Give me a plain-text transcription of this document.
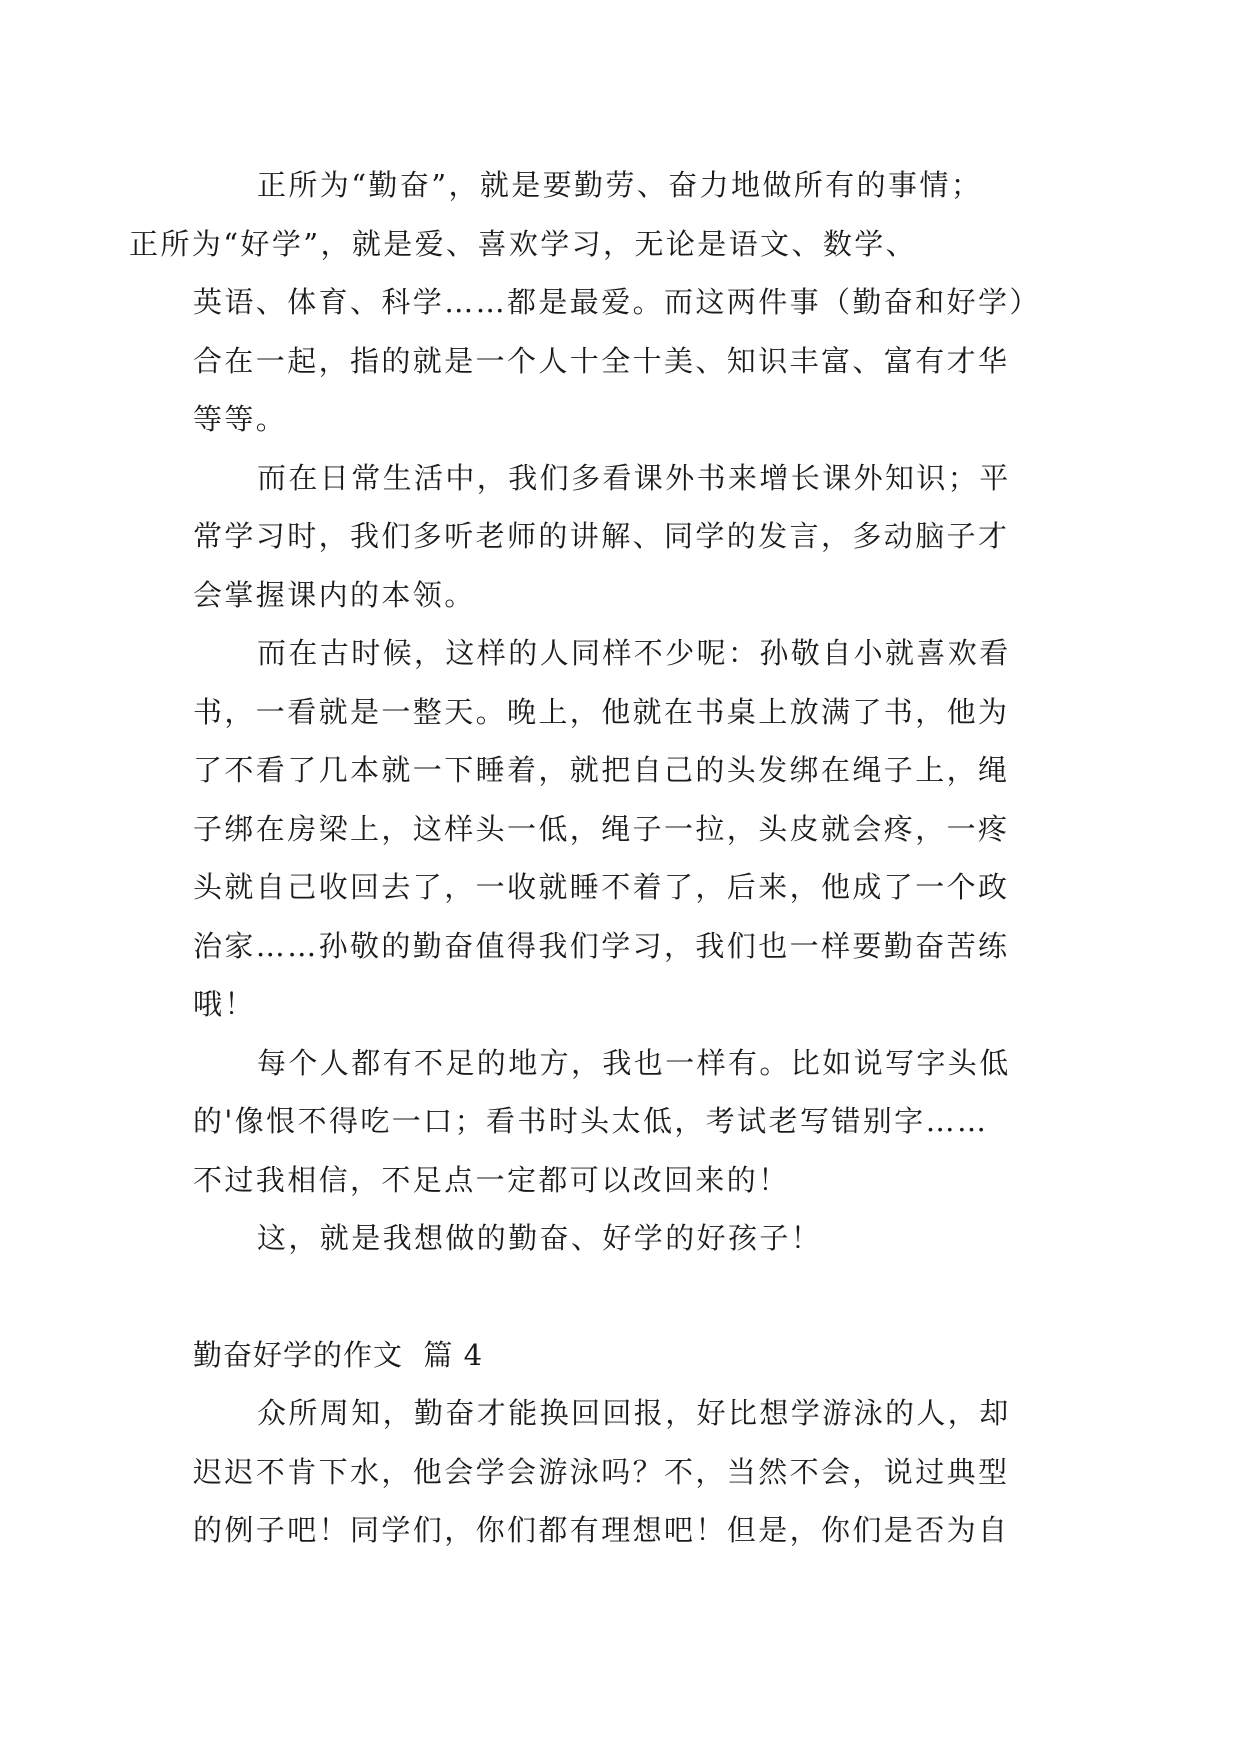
正所为“勤奋”，就是要勤劳、奋力地做所有的事情；
正所为“好学”，就是爱、喜欢学习，无论是语文、数学、
英语、体育、科学……都是最爱。而这两件事（勤奋和好学）
合在一起，指的就是一个人十全十美、知识丰富、富有才华
等等。

而在日常生活中，我们多看课外书来增长课外知识；平
常学习时，我们多听老师的讲解、同学的发言，多动脑子才
会掌握课内的本领。

而在古时候，这样的人同样不少呢：孙敬自小就喜欢看
书，一看就是一整天。晚上，他就在书桌上放满了书，他为
了不看了几本就一下睡着，就把自己的头发绑在绳子上，绳
子绑在房梁上，这样头一低，绳子一拉，头皮就会疼，一疼
头就自己收回去了，一收就睡不着了，后来，他成了一个政
治家……孙敬的勤奋值得我们学习，我们也一样要勤奋苦练
哦！

每个人都有不足的地方，我也一样有。比如说写字头低
的'像恨不得吃一口；看书时头太低，考试老写错别字……
不过我相信，不足点一定都可以改回来的！

这，就是我想做的勤奋、好学的好孩子！

勤奋好学的作文  篇 4

众所周知，勤奋才能换回回报，好比想学游泳的人，却
迟迟不肯下水，他会学会游泳吗？不，当然不会，说过典型
的例子吧！同学们，你们都有理想吧！但是，你们是否为自
